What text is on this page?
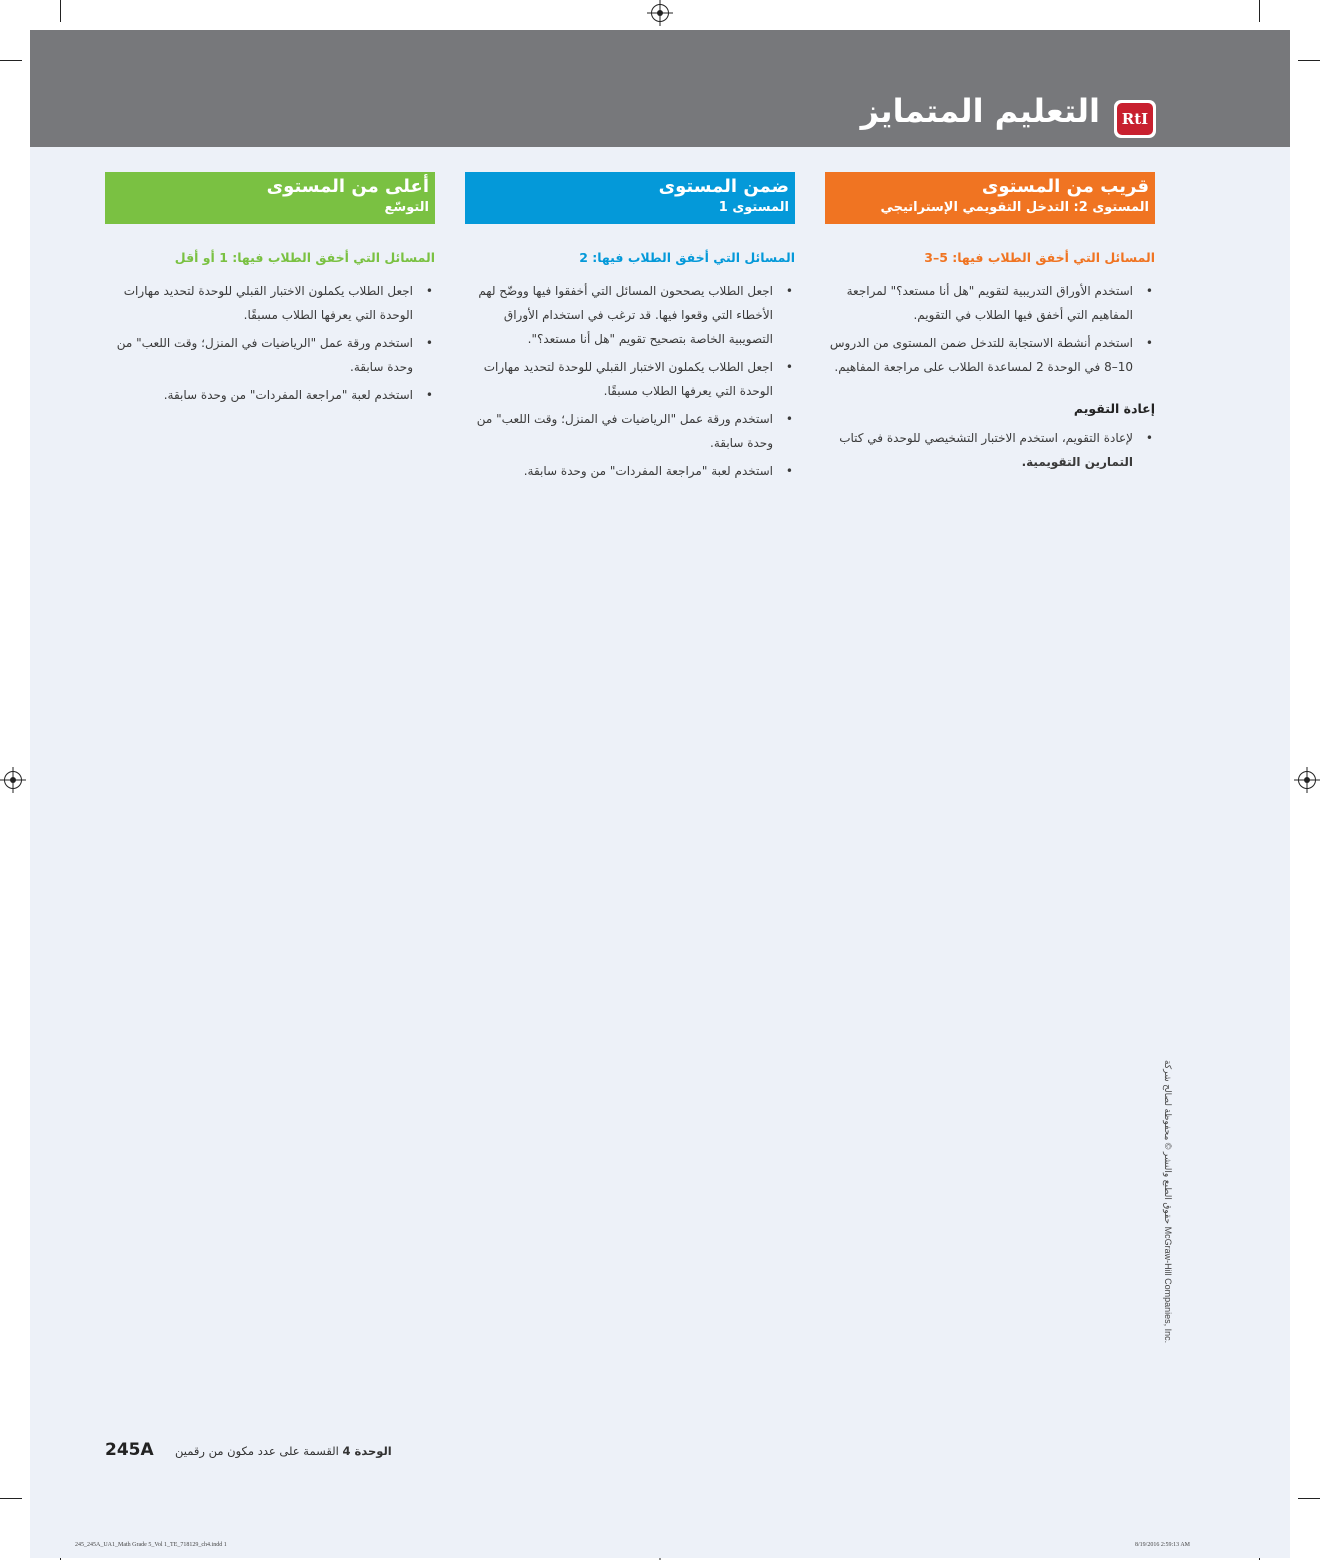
التعليم المتمايز	RtI
قريب من المستوى
المستوى 2: التدخل التقويمي الإستراتيجي
المسائل التي أخفق الطلاب فيها: 5–3
• استخدم الأوراق التدريبية لتقويم "هل أنا مستعد؟" لمراجعة المفاهيم التي أخفق فيها الطلاب في التقويم.
• استخدم أنشطة الاستجابة للتدخل ضمن المستوى من الدروس 10–8 في الوحدة 2 لمساعدة الطلاب على مراجعة المفاهيم.
إعادة التقويم
• لإعادة التقويم، استخدم الاختبار التشخيصي للوحدة في كتاب التمارين التقويمية.
ضمن المستوى
المستوى 1
المسائل التي أخفق الطلاب فيها: 2
• اجعل الطلاب يصححون المسائل التي أخفقوا فيها ووضّح لهم الأخطاء التي وقعوا فيها. قد ترغب في استخدام الأوراق التصويبية الخاصة بتصحيح تقويم "هل أنا مستعد؟".
• اجعل الطلاب يكملون الاختبار القبلي للوحدة لتحديد مهارات الوحدة التي يعرفها الطلاب مسبقًا.
• استخدم ورقة عمل "الرياضيات في المنزل؛ وقت اللعب" من وحدة سابقة.
• استخدم لعبة "مراجعة المفردات" من وحدة سابقة.
أعلى من المستوى
التوسّع
المسائل التي أخفق الطلاب فيها: 1 أو أقل
• اجعل الطلاب يكملون الاختبار القبلي للوحدة لتحديد مهارات الوحدة التي يعرفها الطلاب مسبقًا.
• استخدم ورقة عمل "الرياضيات في المنزل؛ وقت اللعب" من وحدة سابقة.
• استخدم لعبة "مراجعة المفردات" من وحدة سابقة.
حقوق الطبع والنشر © محفوظة لصالح شركة McGraw-Hill Companies, Inc.
245A	الوحدة 4 القسمة على عدد مكون من رقمين
245_245A_UA1_Math Grade 5_Vol 1_TE_718129_ch4.indd 1	8/19/2016 2:59:13 AM
